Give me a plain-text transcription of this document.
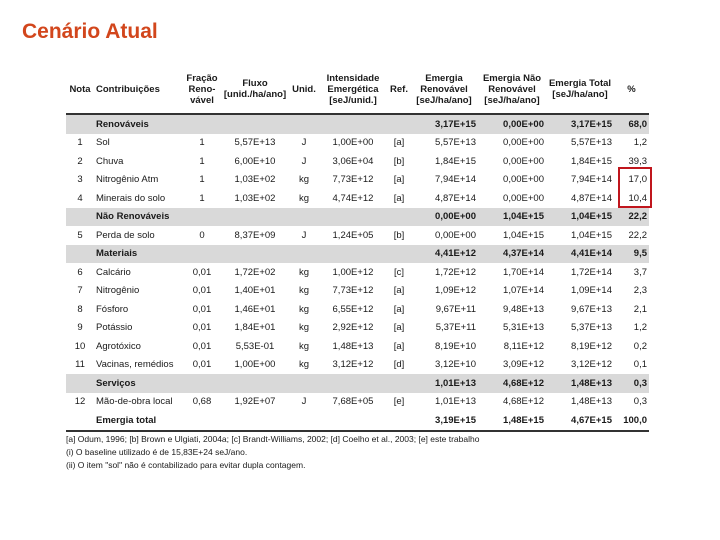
Cenário Atual
Nota	Contribuições	Fração Reno-vável	Fluxo [unid./ha/ano]	Unid.	Intensidade Emergética [seJ/unid.]	Ref.	Emergia Renovável [seJ/ha/ano]	Emergia Não Renovável [seJ/ha/ano]	Emergia Total [seJ/ha/ano]	%
	Renováveis						3,17E+15	0,00E+00	3,17E+15	68,0
1	Sol	1	5,57E+13	J	1,00E+00	[a]	5,57E+13	0,00E+00	5,57E+13	1,2
2	Chuva	1	6,00E+10	J	3,06E+04	[b]	1,84E+15	0,00E+00	1,84E+15	39,3
3	Nitrogênio Atm	1	1,03E+02	kg	7,73E+12	[a]	7,94E+14	0,00E+00	7,94E+14	17,0
4	Minerais do solo	1	1,03E+02	kg	4,74E+12	[a]	4,87E+14	0,00E+00	4,87E+14	10,4
	Não Renováveis						0,00E+00	1,04E+15	1,04E+15	22,2
5	Perda de solo	0	8,37E+09	J	1,24E+05	[b]	0,00E+00	1,04E+15	1,04E+15	22,2
	Materiais						4,41E+12	4,37E+14	4,41E+14	9,5
6	Calcário	0,01	1,72E+02	kg	1,00E+12	[c]	1,72E+12	1,70E+14	1,72E+14	3,7
7	Nitrogênio	0,01	1,40E+01	kg	7,73E+12	[a]	1,09E+12	1,07E+14	1,09E+14	2,3
8	Fósforo	0,01	1,46E+01	kg	6,55E+12	[a]	9,67E+11	9,48E+13	9,67E+13	2,1
9	Potássio	0,01	1,84E+01	kg	2,92E+12	[a]	5,37E+11	5,31E+13	5,37E+13	1,2
10	Agrotóxico	0,01	5,53E-01	kg	1,48E+13	[a]	8,19E+10	8,11E+12	8,19E+12	0,2
11	Vacinas, remédios	0,01	1,00E+00	kg	3,12E+12	[d]	3,12E+10	3,09E+12	3,12E+12	0,1
	Serviços						1,01E+13	4,68E+12	1,48E+13	0,3
12	Mão-de-obra local	0,68	1,92E+07	J	7,68E+05	[e]	1,01E+13	4,68E+12	1,48E+13	0,3
	Emergia total						3,19E+15	1,48E+15	4,67E+15	100,0
[a] Odum, 1996; [b] Brown e Ulgiati, 2004a; [c] Brandt-Williams, 2002; [d] Coelho et al., 2003; [e] este trabalho
(i) O baseline utilizado é de 15,83E+24 seJ/ano.
(ii) O item "sol" não é contabilizado para evitar dupla contagem.
